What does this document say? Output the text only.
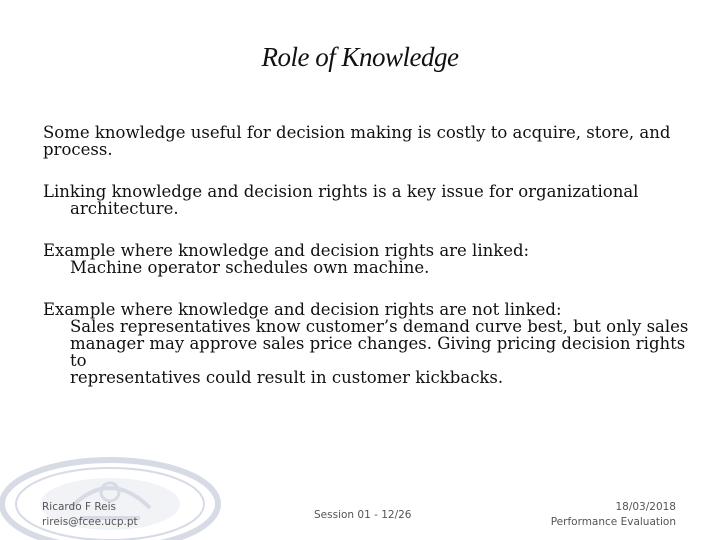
Role of Knowledge

Some knowledge useful for decision making is costly to acquire, store, and process.

Linking knowledge and decision rights is a key issue for organizational
architecture.

Example where knowledge and decision rights are linked:
Machine operator schedules own machine.

Example where knowledge and decision rights are not linked:
Sales representatives know customer’s demand curve best, but only sales
manager may approve sales price changes. Giving pricing decision rights to
representatives could result in customer kickbacks.

Ricardo F Reis
rireis@fcee.ucp.pt
Session 01 - 12/26
18/03/2018
Performance Evaluation
